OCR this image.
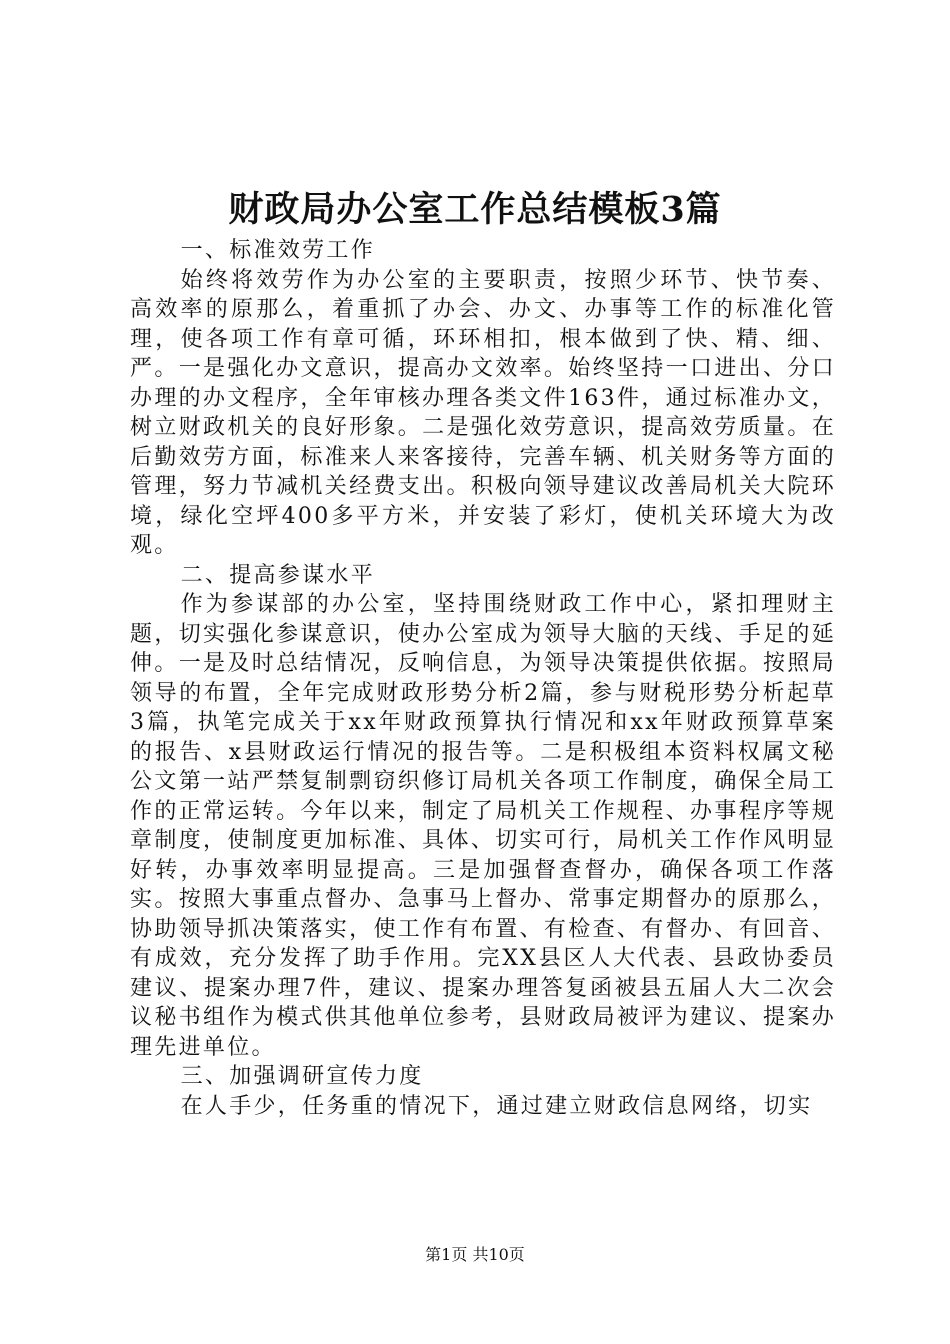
财政局办公室工作总结模板3篇

一、标准效劳工作

始终将效劳作为办公室的主要职责，按照少环节、快节奏、高效率的原那么，着重抓了办会、办文、办事等工作的标准化管理，使各项工作有章可循，环环相扣，根本做到了快、精、细、严。一是强化办文意识，提高办文效率。始终坚持一口进出、分口办理的办文程序，全年审核办理各类文件163件，通过标准办文，树立财政机关的良好形象。二是强化效劳意识，提高效劳质量。在后勤效劳方面，标准来人来客接待，完善车辆、机关财务等方面的管理，努力节减机关经费支出。积极向领导建议改善局机关大院环境，绿化空坪400多平方米，并安装了彩灯，使机关环境大为改观。

二、提高参谋水平

作为参谋部的办公室，坚持围绕财政工作中心，紧扣理财主题，切实强化参谋意识，使办公室成为领导大脑的天线、手足的延伸。一是及时总结情况，反响信息，为领导决策提供依据。按照局领导的布置，全年完成财政形势分析2篇，参与财税形势分析起草3篇，执笔完成关于xx年财政预算执行情况和xx年财政预算草案的报告、x县财政运行情况的报告等。二是积极组本资料权属文秘公文第一站严禁复制剽窃织修订局机关各项工作制度，确保全局工作的正常运转。今年以来，制定了局机关工作规程、办事程序等规章制度，使制度更加标准、具体、切实可行，局机关工作作风明显好转，办事效率明显提高。三是加强督查督办，确保各项工作落实。按照大事重点督办、急事马上督办、常事定期督办的原那么，协助领导抓决策落实，使工作有布置、有检查、有督办、有回音、有成效，充分发挥了助手作用。完XX县区人大代表、县政协委员建议、提案办理7件，建议、提案办理答复函被县五届人大二次会议秘书组作为模式供其他单位参考，县财政局被评为建议、提案办理先进单位。

三、加强调研宣传力度

在人手少，任务重的情况下，通过建立财政信息网络，切实

第1页 共10页
